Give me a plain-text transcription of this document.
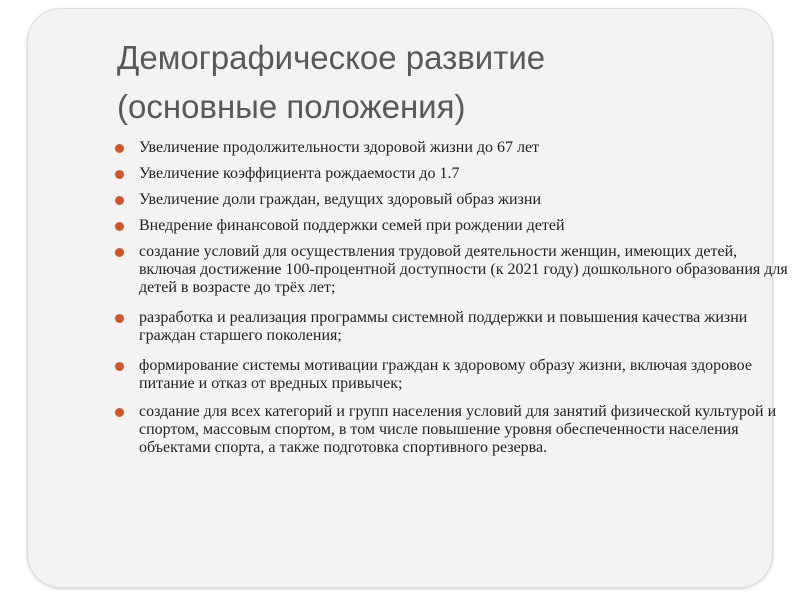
Демографическое развитие
(основные положения)
Увеличение продолжительности здоровой жизни до 67 лет
Увеличение коэффициента рождаемости до 1.7
Увеличение доли граждан, ведущих здоровый образ жизни
Внедрение финансовой поддержки семей при рождении детей
создание условий для осуществления трудовой деятельности женщин, имеющих детей, включая достижение 100-процентной доступности (к 2021 году) дошкольного образования для детей в возрасте до трёх лет;
разработка и реализация программы системной поддержки и повышения качества жизни граждан старшего поколения;
формирование системы мотивации граждан к здоровому образу жизни, включая здоровое питание и отказ от вредных привычек;
создание для всех категорий и групп населения условий для занятий физической культурой и спортом, массовым спортом, в том числе повышение уровня обеспеченности населения объектами спорта, а также подготовка спортивного резерва.
